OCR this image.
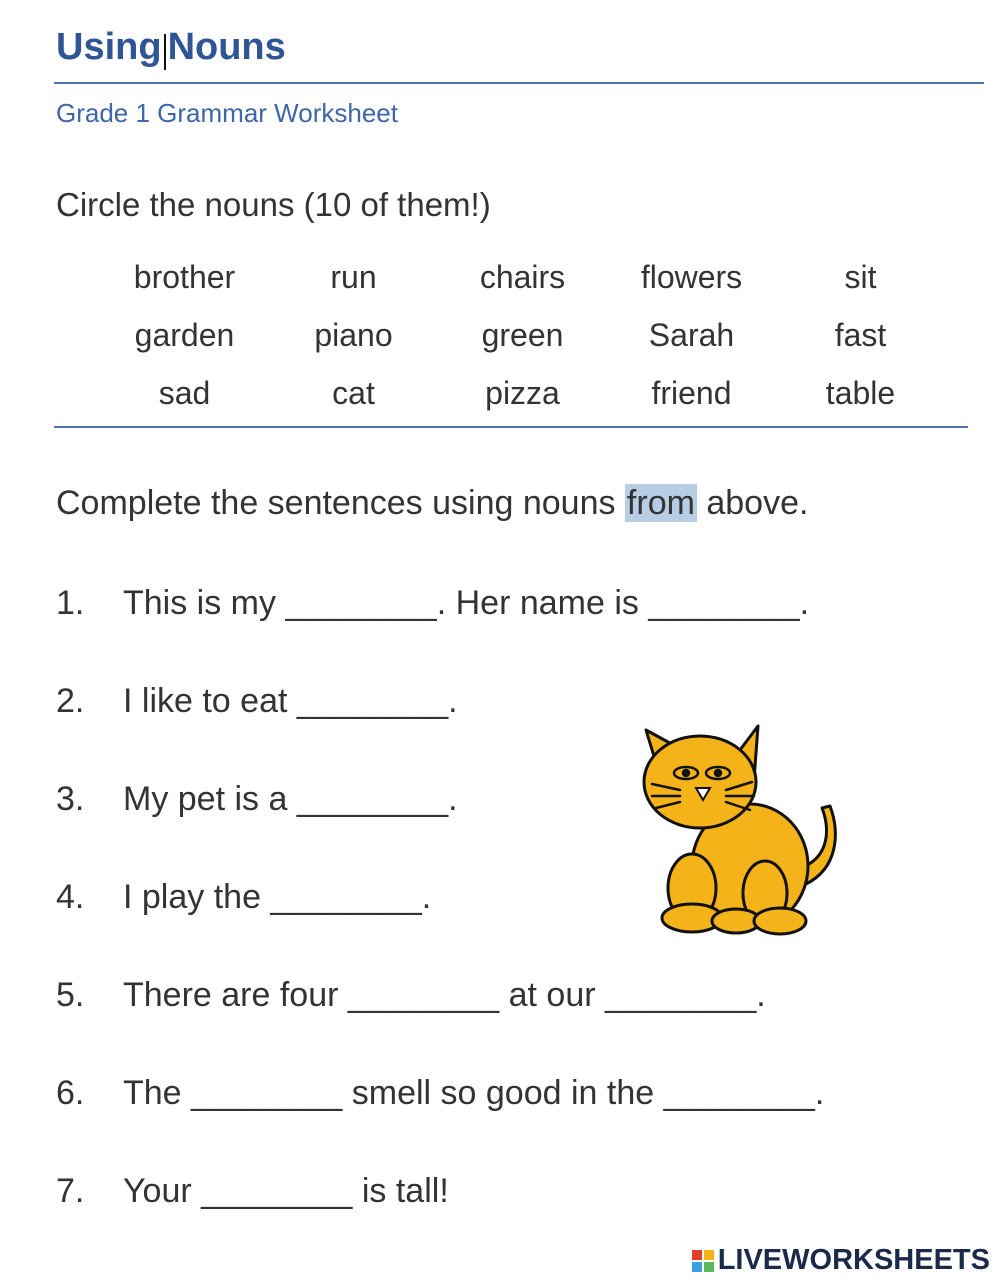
Using Nouns
Grade 1 Grammar Worksheet
Circle the nouns (10 of them!)
brother	run	chairs	flowers	sit
garden	piano	green	Sarah	fast
sad	cat	pizza	friend	table
Complete the sentences using nouns from above.
1.	This is my ________. Her name is ________.
2.	I like to eat ________.
3.	My pet is a ________.
4.	I play the ________.
5.	There are four ________ at our ________.
6.	The ________ smell so good in the ________.
7.	Your ________ is tall!
LIVEWORKSHEETS
